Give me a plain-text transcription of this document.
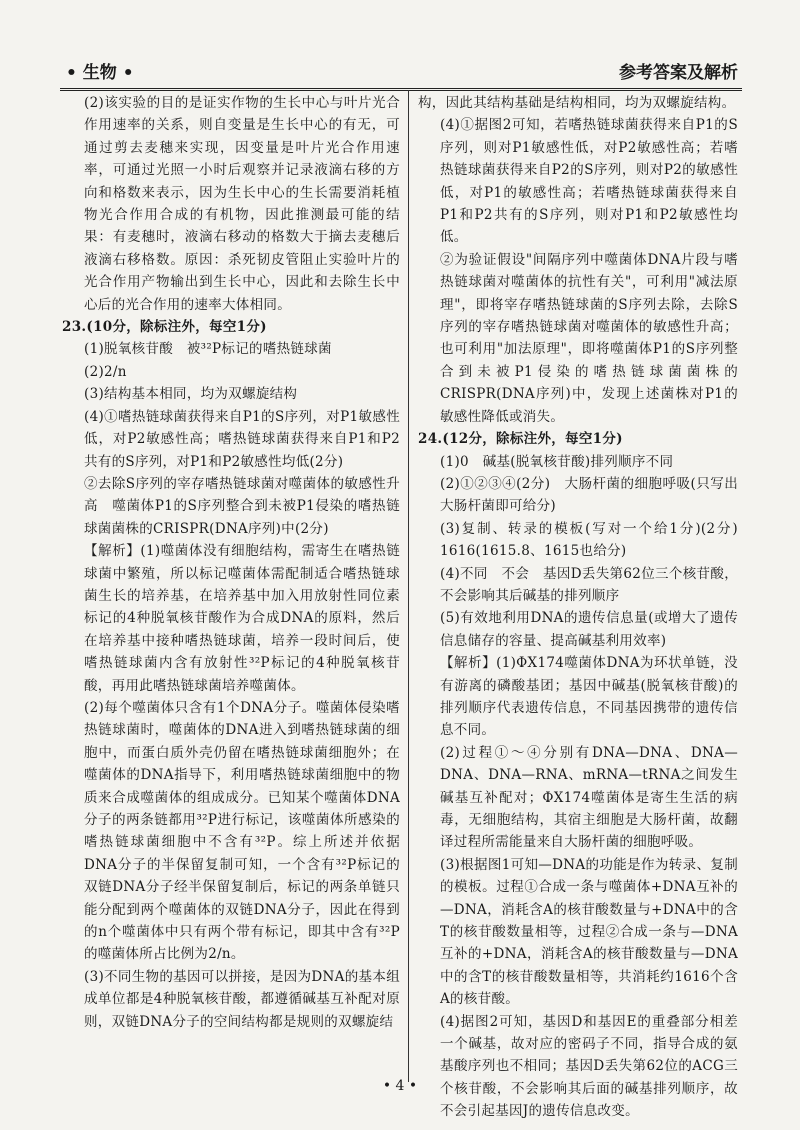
• 生物 •	参考答案及解析

(2)该实验的目的是证实作物的生长中心与叶片光合作用速率的关系，则自变量是生长中心的有无，可通过剪去麦穗来实现，因变量是叶片光合作用速率，可通过光照一小时后观察并记录液滴右移的方向和格数来表示，因为生长中心的生长需要消耗植物光合作用合成的有机物，因此推测最可能的结果：有麦穗时，液滴右移动的格数大于摘去麦穗后液滴右移格数。原因：杀死韧皮管阻止实验叶片的光合作用产物输出到生长中心，因此和去除生长中心后的光合作用的速率大体相同。

23.(10分，除标注外，每空1分)

(1)脱氧核苷酸　被³²P标记的嗜热链球菌

(2)2/n

(3)结构基本相同，均为双螺旋结构

(4)①嗜热链球菌获得来自P1的S序列，对P1敏感性低，对P2敏感性高；嗜热链球菌获得来自P1和P2共有的S序列，对P1和P2敏感性均低(2分)

②去除S序列的宰存嗜热链球菌对噬菌体的敏感性升高　噬菌体P1的S序列整合到未被P1侵染的嗜热链球菌菌株的CRISPR(DNA序列)中(2分)

【解析】(1)噬菌体没有细胞结构，需寄生在嗜热链球菌中繁殖，所以标记噬菌体需配制适合嗜热链球菌生长的培养基，在培养基中加入用放射性同位素标记的4种脱氧核苷酸作为合成DNA的原料，然后在培养基中接种嗜热链球菌，培养一段时间后，使嗜热链球菌内含有放射性³²P标记的4种脱氧核苷酸，再用此嗜热链球菌培养噬菌体。

(2)每个噬菌体只含有1个DNA分子。噬菌体侵染嗜热链球菌时，噬菌体的DNA进入到嗜热链球菌的细胞中，而蛋白质外壳仍留在嗜热链球菌细胞外；在噬菌体的DNA指导下，利用嗜热链球菌细胞中的物质来合成噬菌体的组成成分。已知某个噬菌体DNA分子的两条链都用³²P进行标记，该噬菌体所感染的嗜热链球菌细胞中不含有³²P。综上所述并依据DNA分子的半保留复制可知，一个含有³²P标记的双链DNA分子经半保留复制后，标记的两条单链只能分配到两个噬菌体的双链DNA分子，因此在得到的n个噬菌体中只有两个带有标记，即其中含有³²P的噬菌体所占比例为2/n。

(3)不同生物的基因可以拼接，是因为DNA的基本组成单位都是4种脱氧核苷酸，都遵循碱基互补配对原则，双链DNA分子的空间结构都是规则的双螺旋结

构，因此其结构基础是结构相同，均为双螺旋结构。

(4)①据图2可知，若嗜热链球菌获得来自P1的S序列，则对P1敏感性低，对P2敏感性高；若嗜热链球菌获得来自P2的S序列，则对P2的敏感性低，对P1的敏感性高；若嗜热链球菌获得来自P1和P2共有的S序列，则对P1和P2敏感性均低。

②为验证假设"间隔序列中噬菌体DNA片段与嗜热链球菌对噬菌体的抗性有关"，可利用"减法原理"，即将宰存嗜热链球菌的S序列去除，去除S序列的宰存嗜热链球菌对噬菌体的敏感性升高；也可利用"加法原理"，即将噬菌体P1的S序列整合到未被P1侵染的嗜热链球菌菌株的CRISPR(DNA序列)中，发现上述菌株对P1的敏感性降低或消失。

24.(12分，除标注外，每空1分)

(1)0　碱基(脱氧核苷酸)排列顺序不同

(2)①②③④(2分)　大肠杆菌的细胞呼吸(只写出大肠杆菌即可给分)

(3)复制、转录的模板(写对一个给1分)(2分)　1616(1615.8、1615也给分)

(4)不同　不会　基因D丢失第62位三个核苷酸，不会影响其后碱基的排列顺序

(5)有效地利用DNA的遗传信息量(或增大了遗传信息储存的容量、提高碱基利用效率)

【解析】(1)ΦX174噬菌体DNA为环状单链，没有游离的磷酸基团；基因中碱基(脱氧核苷酸)的排列顺序代表遗传信息，不同基因携带的遗传信息不同。

(2)过程①～④分别有DNA—DNA、DNA—DNA、DNA—RNA、mRNA—tRNA之间发生碱基互补配对；ΦX174噬菌体是寄生生活的病毒，无细胞结构，其宿主细胞是大肠杆菌，故翻译过程所需能量来自大肠杆菌的细胞呼吸。

(3)根据图1可知—DNA的功能是作为转录、复制的模板。过程①合成一条与噬菌体+DNA互补的—DNA，消耗含A的核苷酸数量与+DNA中的含T的核苷酸数量相等，过程②合成一条与—DNA互补的+DNA，消耗含A的核苷酸数量与—DNA中的含T的核苷酸数量相等，共消耗约1616个含A的核苷酸。

(4)据图2可知，基因D和基因E的重叠部分相差一个碱基，故对应的密码子不同，指导合成的氨基酸序列也不相同；基因D丢失第62位的ACG三个核苷酸，不会影响其后面的碱基排列顺序，故不会引起基因J的遗传信息改变。

• 4 •
